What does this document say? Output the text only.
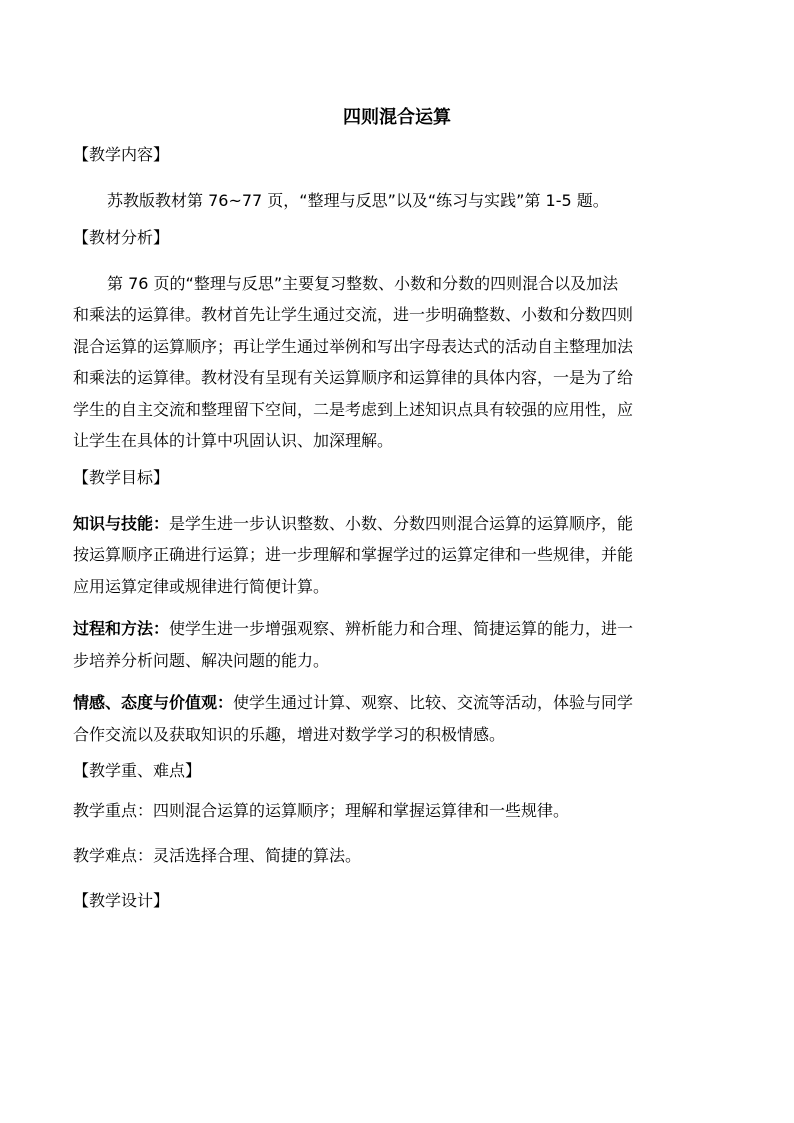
四则混合运算
【教学内容】
苏教版教材第 76~77 页，“整理与反思”以及“练习与实践”第 1-5 题。
【教材分析】
第 76 页的“整理与反思”主要复习整数、小数和分数的四则混合以及加法
和乘法的运算律。教材首先让学生通过交流，进一步明确整数、小数和分数四则
混合运算的运算顺序；再让学生通过举例和写出字母表达式的活动自主整理加法
和乘法的运算律。教材没有呈现有关运算顺序和运算律的具体内容，一是为了给
学生的自主交流和整理留下空间，二是考虑到上述知识点具有较强的应用性，应
让学生在具体的计算中巩固认识、加深理解。
【教学目标】
知识与技能：是学生进一步认识整数、小数、分数四则混合运算的运算顺序，能
按运算顺序正确进行运算；进一步理解和掌握学过的运算定律和一些规律，并能
应用运算定律或规律进行简便计算。
过程和方法：使学生进一步增强观察、辨析能力和合理、简捷运算的能力，进一
步培养分析问题、解决问题的能力。
情感、态度与价值观：使学生通过计算、观察、比较、交流等活动，体验与同学
合作交流以及获取知识的乐趣，增进对数学学习的积极情感。
【教学重、难点】
教学重点：四则混合运算的运算顺序；理解和掌握运算律和一些规律。
教学难点：灵活选择合理、简捷的算法。
【教学设计】
